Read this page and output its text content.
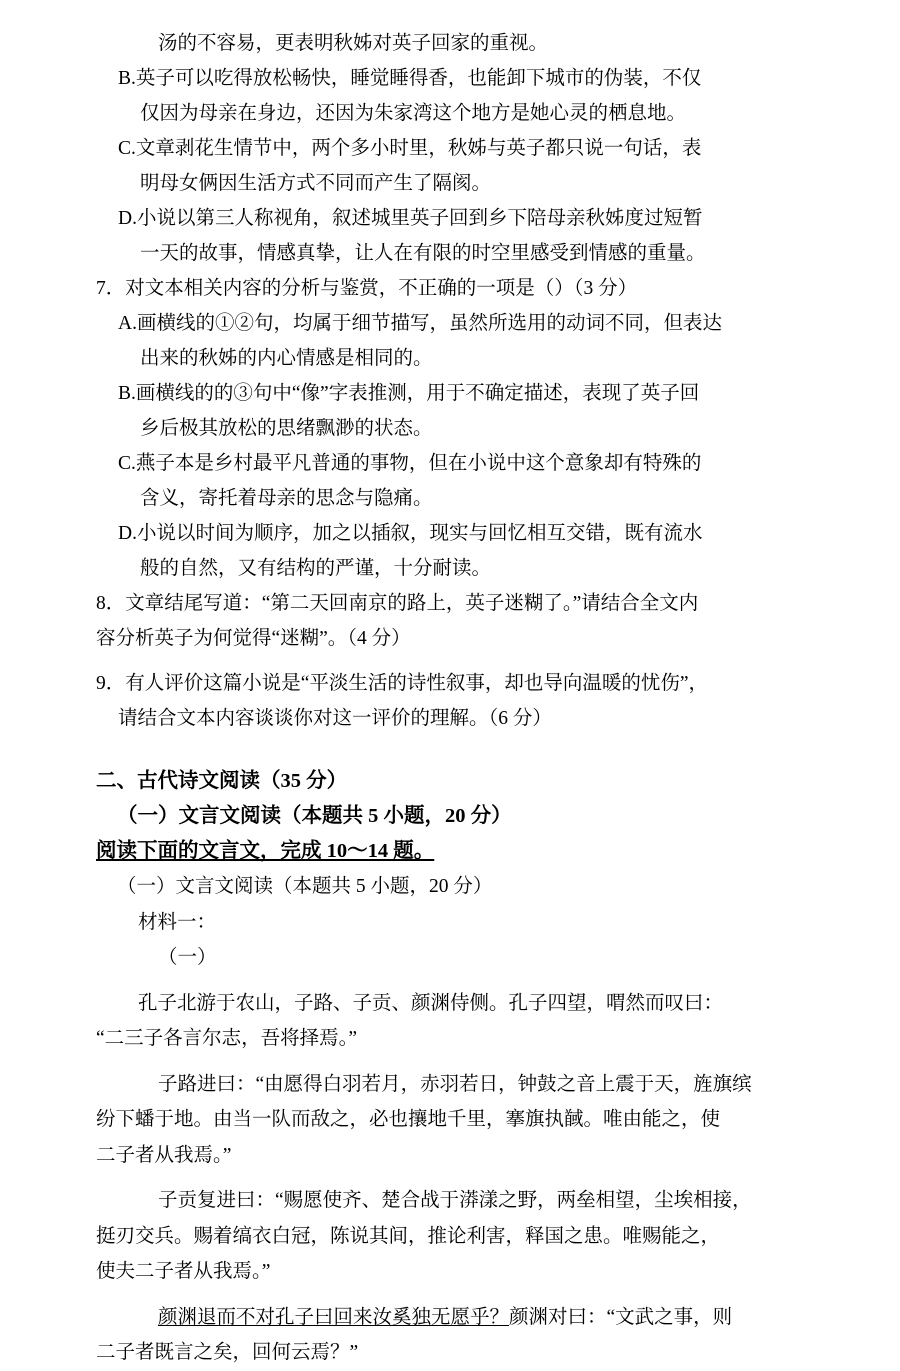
汤的不容易，更表明秋姊对英子回家的重视。
B.英子可以吃得放松畅快，睡觉睡得香，也能卸下城市的伪装，不仅
仅因为母亲在身边，还因为朱家湾这个地方是她心灵的栖息地。
C.文章剥花生情节中，两个多小时里，秋姊与英子都只说一句话，表
明母女俩因生活方式不同而产生了隔阂。
D.小说以第三人称视角，叙述城里英子回到乡下陪母亲秋姊度过短暂
一天的故事，情感真挚，让人在有限的时空里感受到情感的重量。
7．对文本相关内容的分析与鉴赏，不正确的一项是（）（3 分）
A.画横线的①②句，均属于细节描写，虽然所选用的动词不同，但表达
出来的秋姊的内心情感是相同的。
B.画横线的的③句中“像”字表推测，用于不确定描述，表现了英子回
乡后极其放松的思绪飘渺的状态。
C.燕子本是乡村最平凡普通的事物，但在小说中这个意象却有特殊的
含义，寄托着母亲的思念与隐痛。
D.小说以时间为顺序，加之以插叙，现实与回忆相互交错，既有流水
般的自然，又有结构的严谨，十分耐读。
8．文章结尾写道：“第二天回南京的路上，英子迷糊了。”请结合全文内
容分析英子为何觉得“迷糊”。（4 分）
9．有人评价这篇小说是“平淡生活的诗性叙事，却也导向温暖的忧伤”，
请结合文本内容谈谈你对这一评价的理解。（6 分）
二、古代诗文阅读（35 分）
（一）文言文阅读（本题共 5 小题，20 分）
阅读下面的文言文，完成 10～14 题。
（一）文言文阅读（本题共 5 小题，20 分）
材料一：
（一）
孔子北游于农山，子路、子贡、颜渊侍侧。孔子四望，喟然而叹曰：
“二三子各言尔志，吾将择焉。”
子路进曰：“由愿得白羽若月，赤羽若日，钟鼓之音上震于天，旌旗缤
纷下蟠于地。由当一队而敌之，必也攘地千里，搴旗执馘。唯由能之，使
二子者从我焉。”
子贡复进曰：“赐愿使齐、楚合战于漭漾之野，两垒相望，尘埃相接，
挺刃交兵。赐着缟衣白冠，陈说其间，推论利害，释国之患。唯赐能之，
使夫二子者从我焉。”
颜渊退而不对孔子曰回来汝奚独无愿乎？颜渊对曰：“文武之事，则
二子者既言之矣，回何云焉？”
